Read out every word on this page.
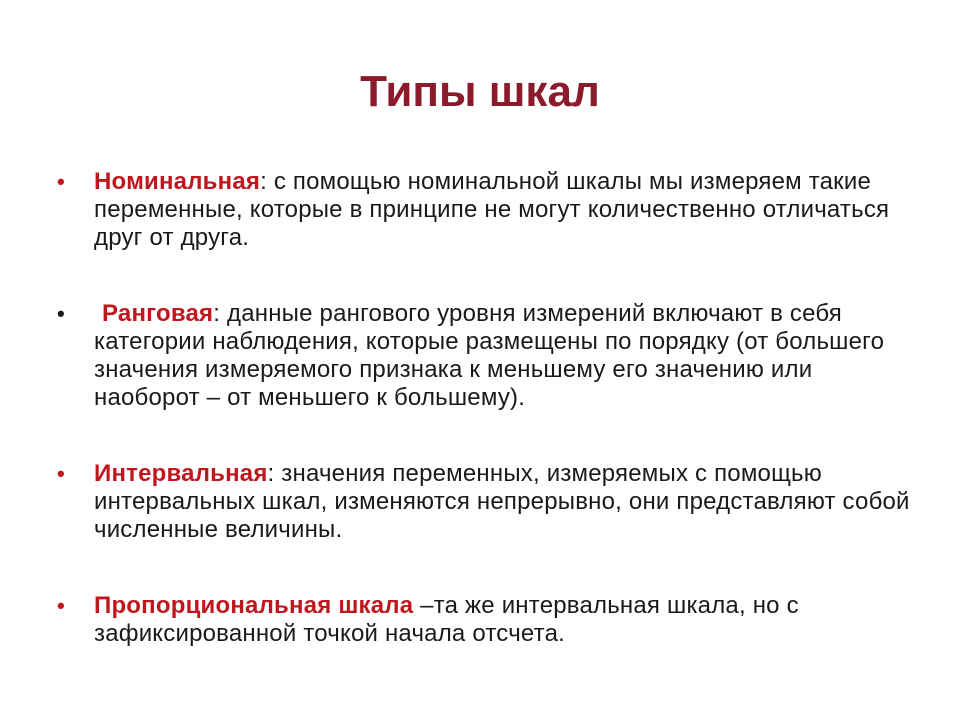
Типы шкал
• Номинальная: с помощью номинальной шкалы мы измеряем такие переменные, которые в принципе не могут количественно отличаться друг от друга.
• Ранговая: данные рангового уровня измерений включают в себя категории наблюдения, которые размещены по порядку (от большего значения измеряемого признака к меньшему его значению или наоборот – от меньшего к большему).
• Интервальная: значения переменных, измеряемых с помощью интервальных шкал, изменяются непрерывно, они представляют собой численные величины.
• Пропорциональная шкала –та же интервальная шкала, но с зафиксированной точкой начала отсчета.
